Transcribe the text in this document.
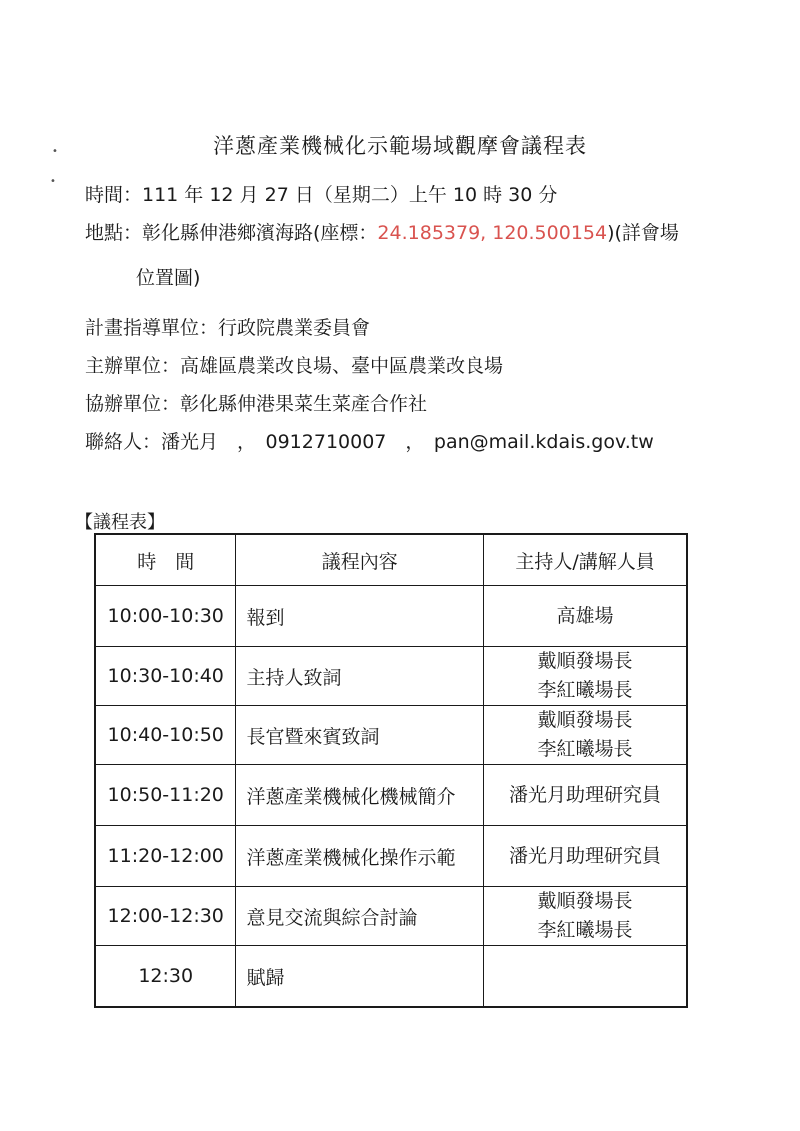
•
•
洋蔥產業機械化示範場域觀摩會議程表
時間：111 年 12 月 27 日（星期二）上午 10 時 30 分
地點：彰化縣伸港鄉濱海路(座標：24.185379, 120.500154)(詳會場
位置圖)
計畫指導單位：行政院農業委員會
主辦單位：高雄區農業改良場、臺中區農業改良場
協辦單位：彰化縣伸港果菜生菜產合作社
聯絡人：潘光月　，　0912710007　，　pan@mail.kdais.gov.tw
【議程表】
時　間	議程內容	主持人/講解人員
10:00-10:30	報到	高雄場

10:30-10:40	主持人致詞	戴順發場長
李紅曦場長

10:40-10:50	長官暨來賓致詞	戴順發場長
李紅曦場長

10:50-11:20	洋蔥產業機械化機械簡介	潘光月助理研究員

11:20-12:00	洋蔥產業機械化操作示範	潘光月助理研究員

12:00-12:30	意見交流與綜合討論	戴順發場長
李紅曦場長

12:30	賦歸	
